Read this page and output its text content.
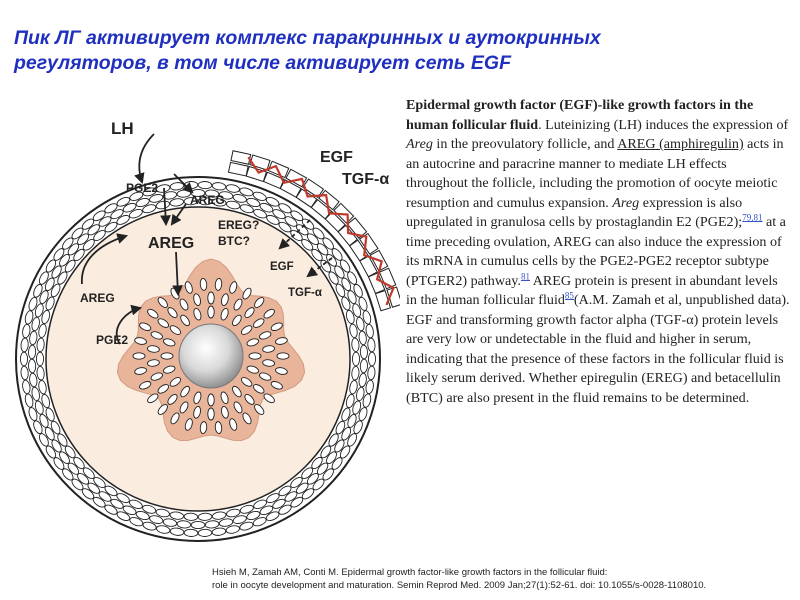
Пик ЛГ активирует комплекс паракринных и аутокринных
регуляторов, в том числе активирует сеть EGF
LH
EGF
TGF-α
PGE2
AREG
EREG?
BTC?
AREG
EGF
TGF-α
AREG
PGE2
Epidermal growth factor (EGF)-like growth factors in the human follicular fluid. Luteinizing (LH) induces the expression of Areg in the preovulatory follicle, and AREG (amphiregulin) acts in an autocrine and paracrine manner to mediate LH effects throughout the follicle, including the promotion of oocyte meiotic resumption and cumulus expansion. Areg expression is also upregulated in granulosa cells by prostaglandin E2 (PGE2);$^{79,81}$ at a time preceding ovulation, AREG can also induce the expression of its mRNA in cumulus cells by the PGE2-PGE2 receptor subtype (PTGER2) pathway.$^{81}$ AREG protein is present in abundant levels in the human follicular fluid$^{85}$(A.M. Zamah et al, unpublished data). EGF and transforming growth factor alpha (TGF-α) protein levels are very low or undetectable in the fluid and higher in serum, indicating that the presence of these factors in the follicular fluid is likely serum derived. Whether epiregulin (EREG) and betacellulin (BTC) are also present in the fluid remains to be determined.
Hsieh M, Zamah AM, Conti M. Epidermal growth factor-like growth factors in the follicular fluid:
role in oocyte development and maturation. Semin Reprod Med. 2009 Jan;27(1):52-61. doi: 10.1055/s-0028-1108010.
